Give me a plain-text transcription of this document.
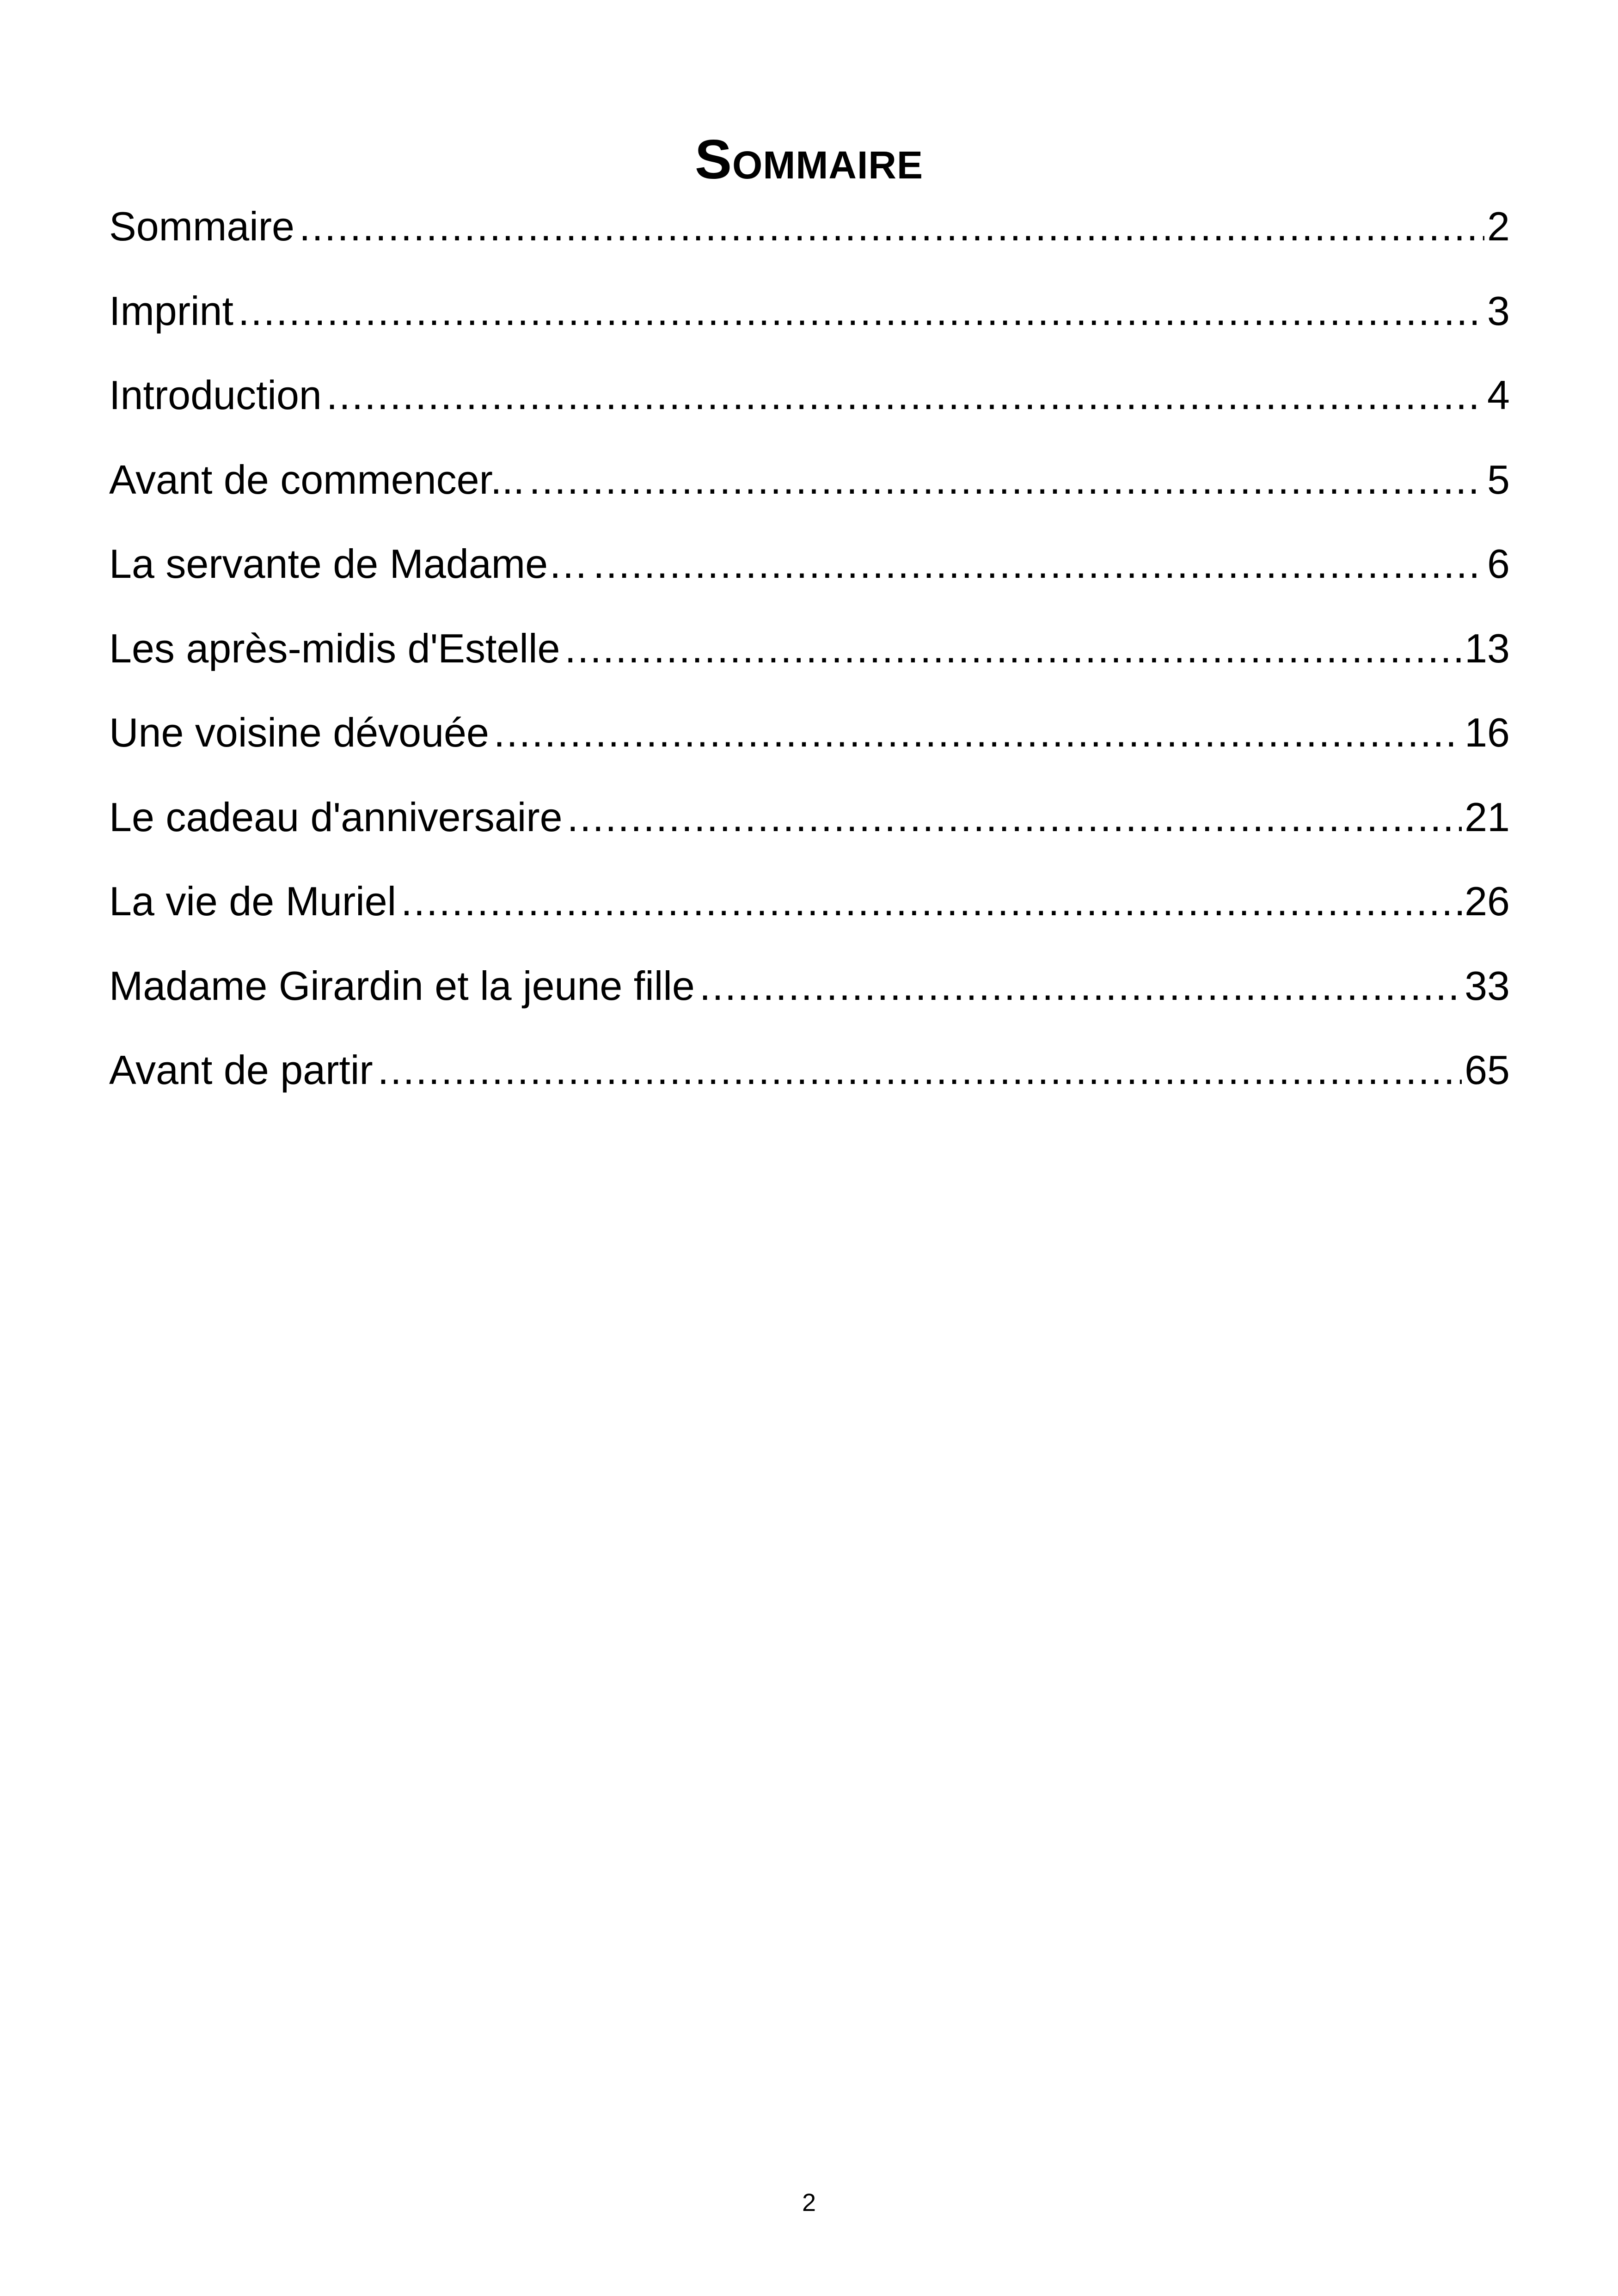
Sommaire
Sommaire .....	2
Imprint .....	3
Introduction .....	4
Avant de commencer... .....	5
La servante de Madame… .....	6
Les après-midis d'Estelle .....	13
Une voisine dévouée .....	16
Le cadeau d'anniversaire .....	21
La vie de Muriel .....	26
Madame Girardin et la jeune fille .....	33
Avant de partir .....	65
2
